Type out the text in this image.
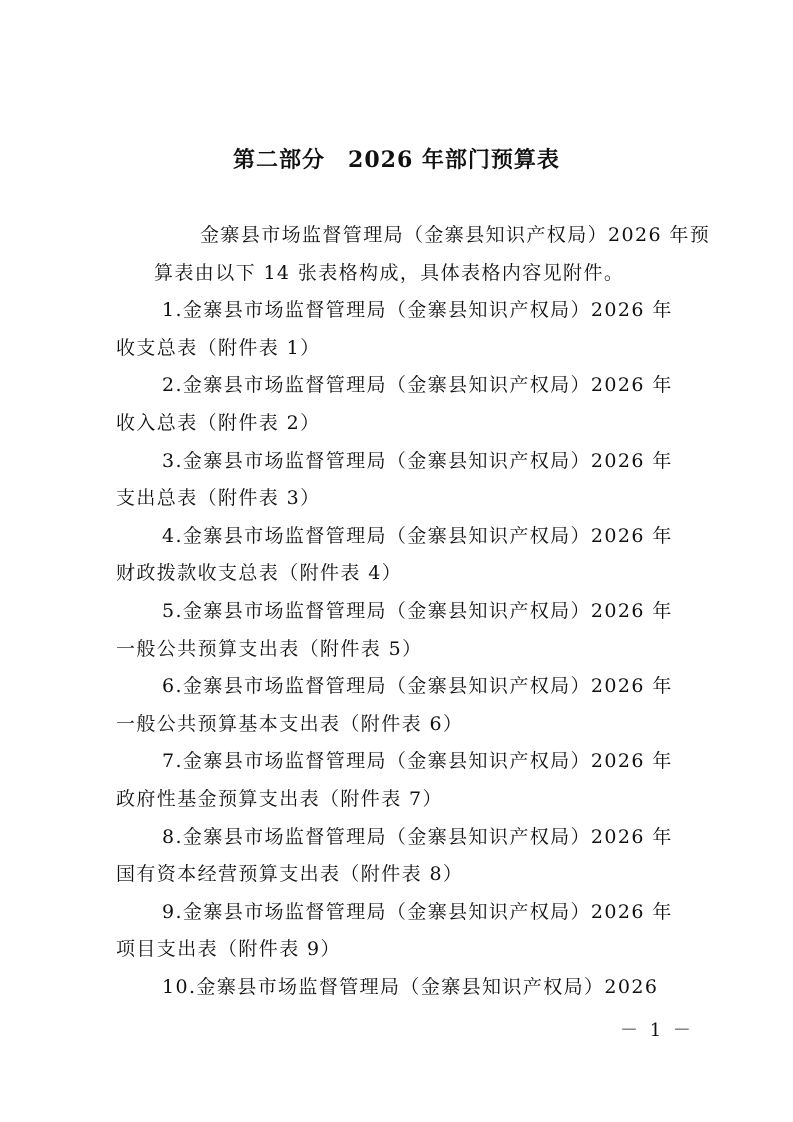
第二部分　2026 年部门预算表

金寨县市场监督管理局（金寨县知识产权局）2026 年预
算表由以下 14 张表格构成，具体表格内容见附件。

1.金寨县市场监督管理局（金寨县知识产权局）2026 年
收支总表（附件表 1）
2.金寨县市场监督管理局（金寨县知识产权局）2026 年
收入总表（附件表 2）
3.金寨县市场监督管理局（金寨县知识产权局）2026 年
支出总表（附件表 3）
4.金寨县市场监督管理局（金寨县知识产权局）2026 年
财政拨款收支总表（附件表 4）
5.金寨县市场监督管理局（金寨县知识产权局）2026 年
一般公共预算支出表（附件表 5）
6.金寨县市场监督管理局（金寨县知识产权局）2026 年
一般公共预算基本支出表（附件表 6）
7.金寨县市场监督管理局（金寨县知识产权局）2026 年
政府性基金预算支出表（附件表 7）
8.金寨县市场监督管理局（金寨县知识产权局）2026 年
国有资本经营预算支出表（附件表 8）
9.金寨县市场监督管理局（金寨县知识产权局）2026 年
项目支出表（附件表 9）
10.金寨县市场监督管理局（金寨县知识产权局）2026
－ 1 －
